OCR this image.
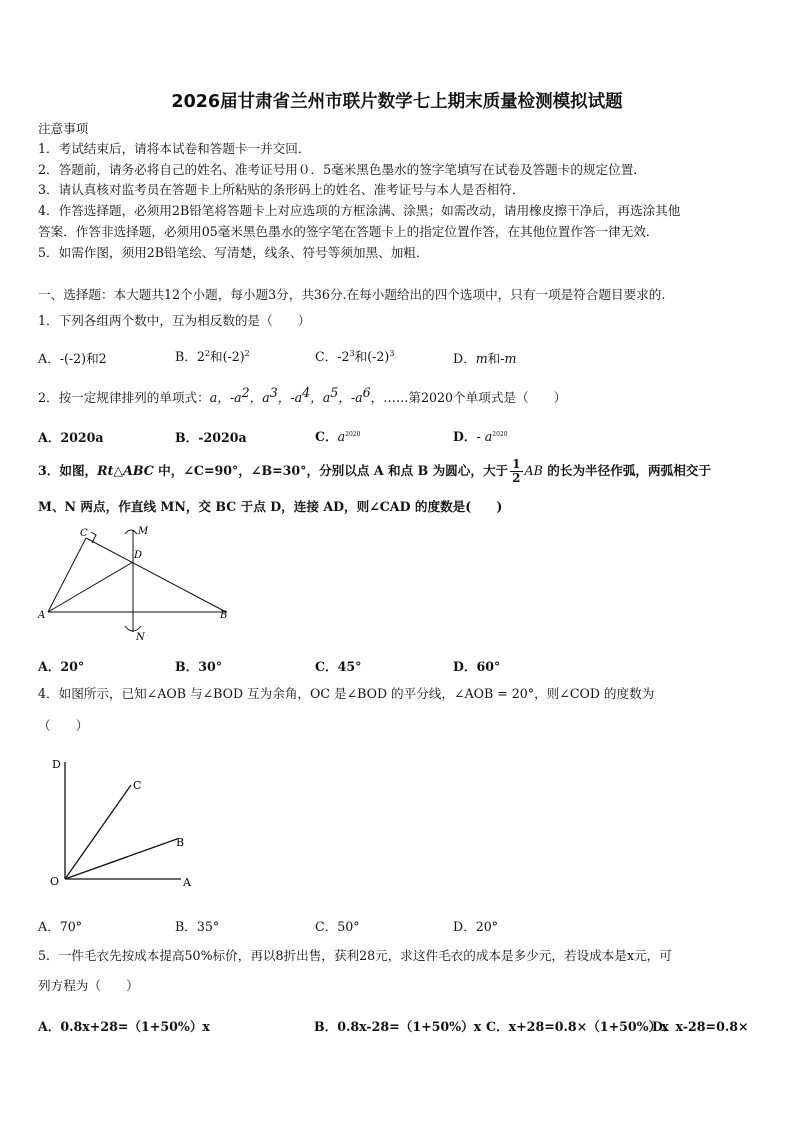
2026届甘肃省兰州市联片数学七上期末质量检测模拟试题
注意事项
1．考试结束后，请将本试卷和答题卡一并交回．
2．答题前，请务必将自己的姓名、准考证号用０．5毫米黑色墨水的签字笔填写在试卷及答题卡的规定位置．
3．请认真核对监考员在答题卡上所粘贴的条形码上的姓名、准考证号与本人是否相符．
4．作答选择题，必须用2B铅笔将答题卡上对应选项的方框涂满、涂黑；如需改动，请用橡皮擦干净后，再选涂其他
答案．作答非选择题，必须用05毫米黑色墨水的签字笔在答题卡上的指定位置作答，在其他位置作答一律无效．
5．如需作图，须用2B铅笔绘、写清楚，线条、符号等须加黑、加粗．
一、选择题：本大题共12个小题，每小题3分，共36分.在每小题给出的四个选项中，只有一项是符合题目要求的.
1．下列各组两个数中，互为相反数的是（　　）
A．-(-2)和2	B．$2^2$和$(-2)^2$	C．$-2^3$和$(-2)^3$	D．m和-m
2．按一定规律排列的单项式：a，$-a^2$，$a^3$，$-a^4$，$a^5$，$-a^6$，……第2020个单项式是（　　）
A．2020a	B．-2020a	C．$a^{2020}$	D．- $a^{2020}$
3．如图，Rt△ABC 中，∠C=90°，∠B=30°，分别以点 A 和点 B 为圆心，大于 $\frac{1}{2}$ AB 的长为半径作弧，两弧相交于
M、N 两点，作直线 MN，交 BC 于点 D，连接 AD，则∠CAD 的度数是(　　)
C	M
D
A	B
N
A．20°	B．30°	C．45°	D．60°
4．如图所示，已知∠AOB 与∠BOD 互为余角，OC 是∠BOD 的平分线，∠AOB = 20°，则∠COD 的度数为
（　　）
D
C
B
O	A
A．70°	B．35°	C．50°	D．20°
5．一件毛衣先按成本提高50%标价，再以8折出售，获利28元，求这件毛衣的成本是多少元，若设成本是x元，可
列方程为（　　）
A．0.8x+28=（1+50%）x	B．0.8x-28=（1+50%）x C．x+28=0.8×（1+50%）x
D．x-28=0.8×
